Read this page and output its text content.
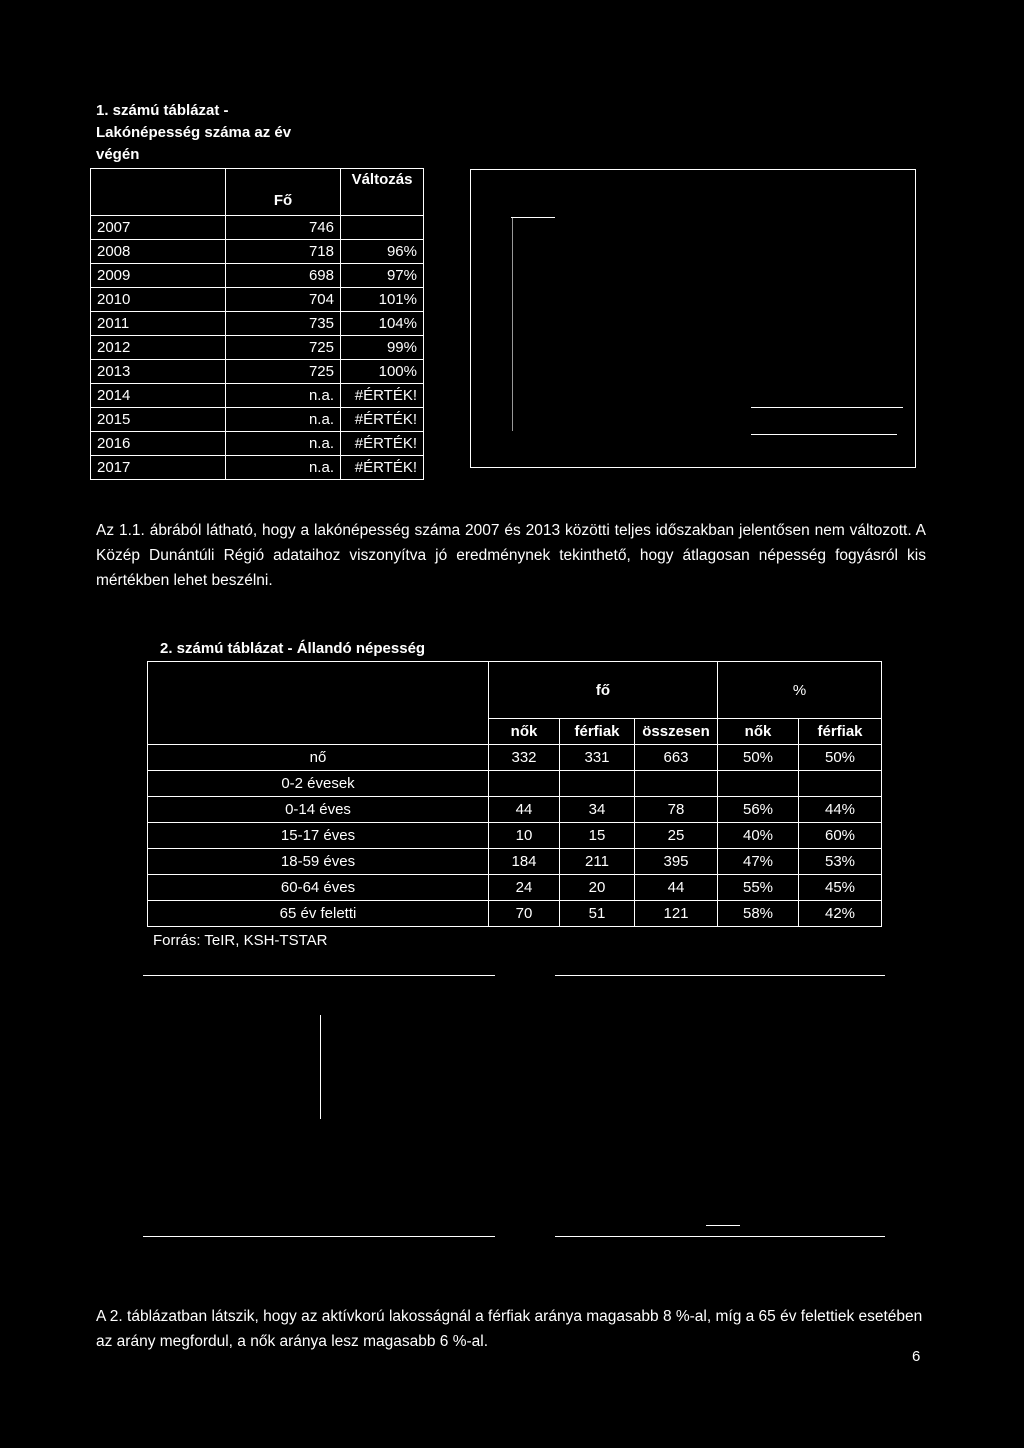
1. számú táblázat -
Lakónépesség száma az év
végén
	Fő	Változás
2007	746	
2008	718	96%
2009	698	97%
2010	704	101%
2011	735	104%
2012	725	99%
2013	725	100%
2014	n.a.	#ÉRTÉK!
2015	n.a.	#ÉRTÉK!
2016	n.a.	#ÉRTÉK!
2017	n.a.	#ÉRTÉK!
Az 1.1. ábrából látható, hogy a lakónépesség száma 2007 és 2013 közötti teljes időszakban jelentősen nem változott. A Közép Dunántúli Régió adataihoz viszonyítva jó eredménynek tekinthető, hogy átlagosan népesség fogyásról kis mértékben lehet beszélni.
2. számú táblázat - Állandó népesség
	fő			%	
	nők	férfiak	összesen	nők	férfiak
nő	332	331	663	50%	50%
0-2 évesek					
0-14 éves	44	34	78	56%	44%
15-17 éves	10	15	25	40%	60%
18-59 éves	184	211	395	47%	53%
60-64 éves	24	20	44	55%	45%
65 év feletti	70	51	121	58%	42%
Forrás: TeIR, KSH-TSTAR
A 2. táblázatban látszik, hogy az aktívkorú lakosságnál a férfiak aránya magasabb 8 %-al, míg a 65 év felettiek esetében az arány megfordul, a nők aránya lesz magasabb 6 %-al.
6
